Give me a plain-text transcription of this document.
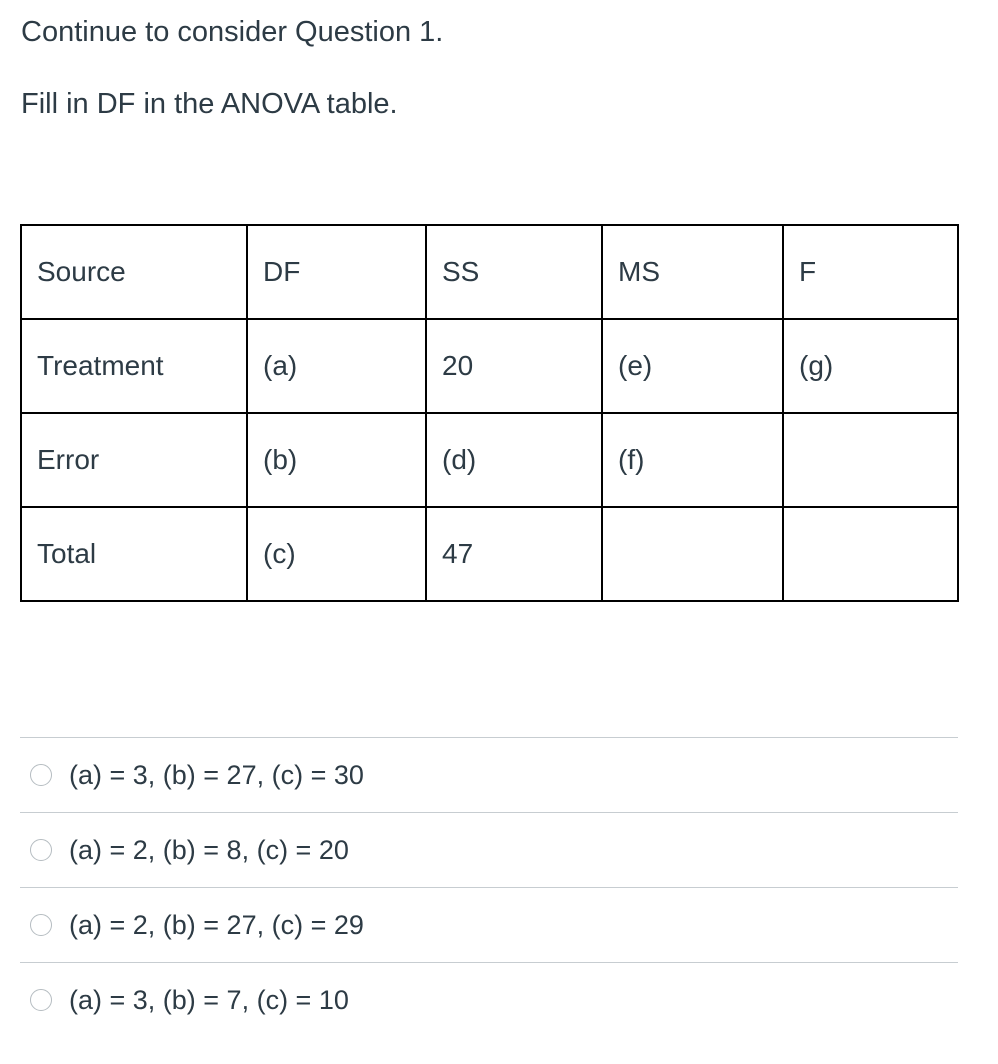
Continue to consider Question 1.

Fill in DF in the ANOVA table.

Source	DF	SS	MS	F
Treatment	(a)	20	(e)	(g)
Error	(b)	(d)	(f)	
Total	(c)	47		
(a) = 3, (b) = 27, (c) = 30
(a) = 2, (b) = 8, (c) = 20
(a) = 2, (b) = 27, (c) = 29
(a) = 3, (b) = 7, (c) = 10
